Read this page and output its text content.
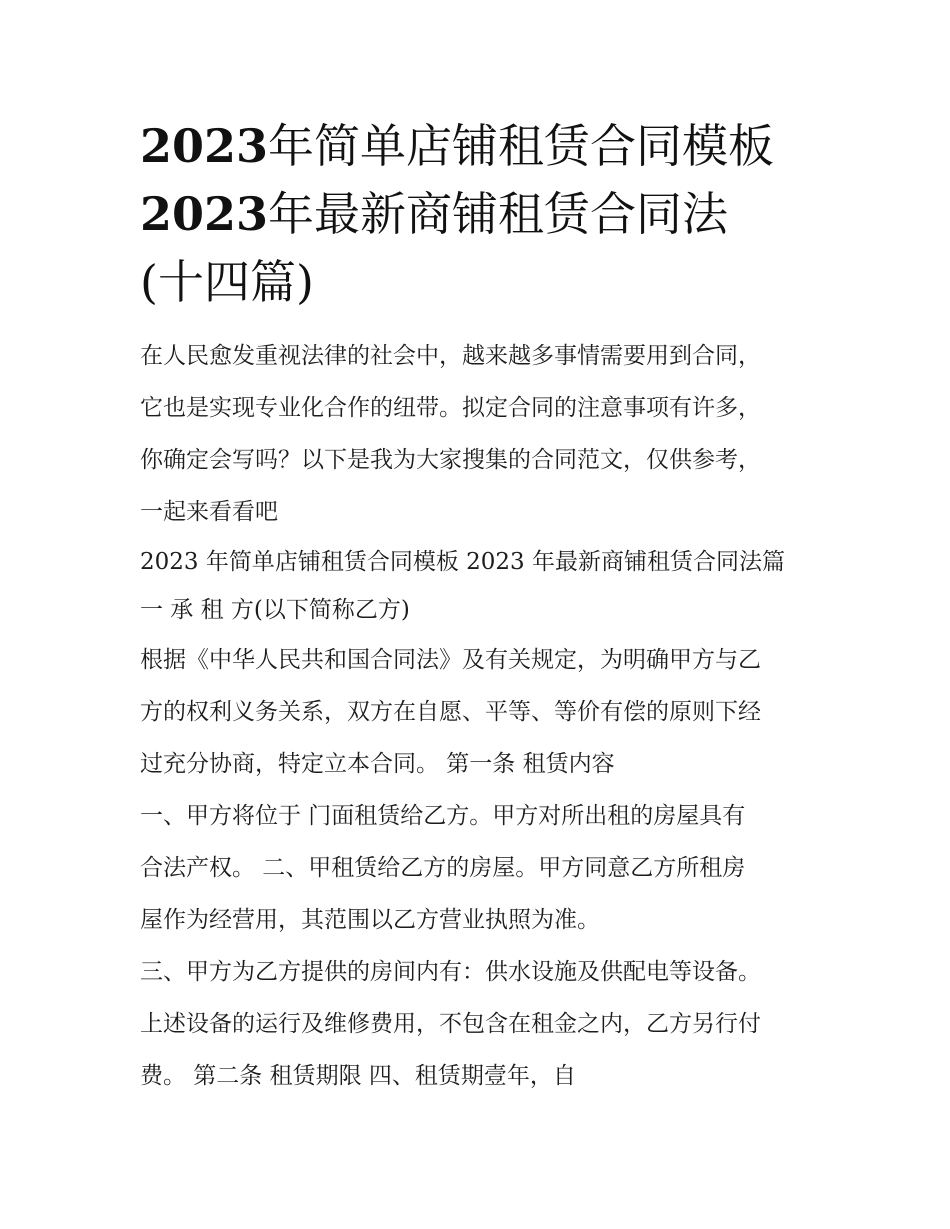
2023年简单店铺租赁合同模板

2023年最新商铺租赁合同法

(十四篇)

在人民愈发重视法律的社会中，越来越多事情需要用到合同，

它也是实现专业化合作的纽带。拟定合同的注意事项有许多，

你确定会写吗？以下是我为大家搜集的合同范文，仅供参考，

一起来看看吧

2023 年简单店铺租赁合同模板 2023 年最新商铺租赁合同法篇

一 承 租 方(以下简称乙方)

根据《中华人民共和国合同法》及有关规定，为明确甲方与乙

方的权利义务关系，双方在自愿、平等、等价有偿的原则下经

过充分协商，特定立本合同。 第一条 租赁内容

一、甲方将位于 门面租赁给乙方。甲方对所出租的房屋具有

合法产权。 二、甲租赁给乙方的房屋。甲方同意乙方所租房

屋作为经营用，其范围以乙方营业执照为准。

三、甲方为乙方提供的房间内有：供水设施及供配电等设备。

上述设备的运行及维修费用，不包含在租金之内，乙方另行付

费。 第二条 租赁期限 四、租赁期壹年，自
